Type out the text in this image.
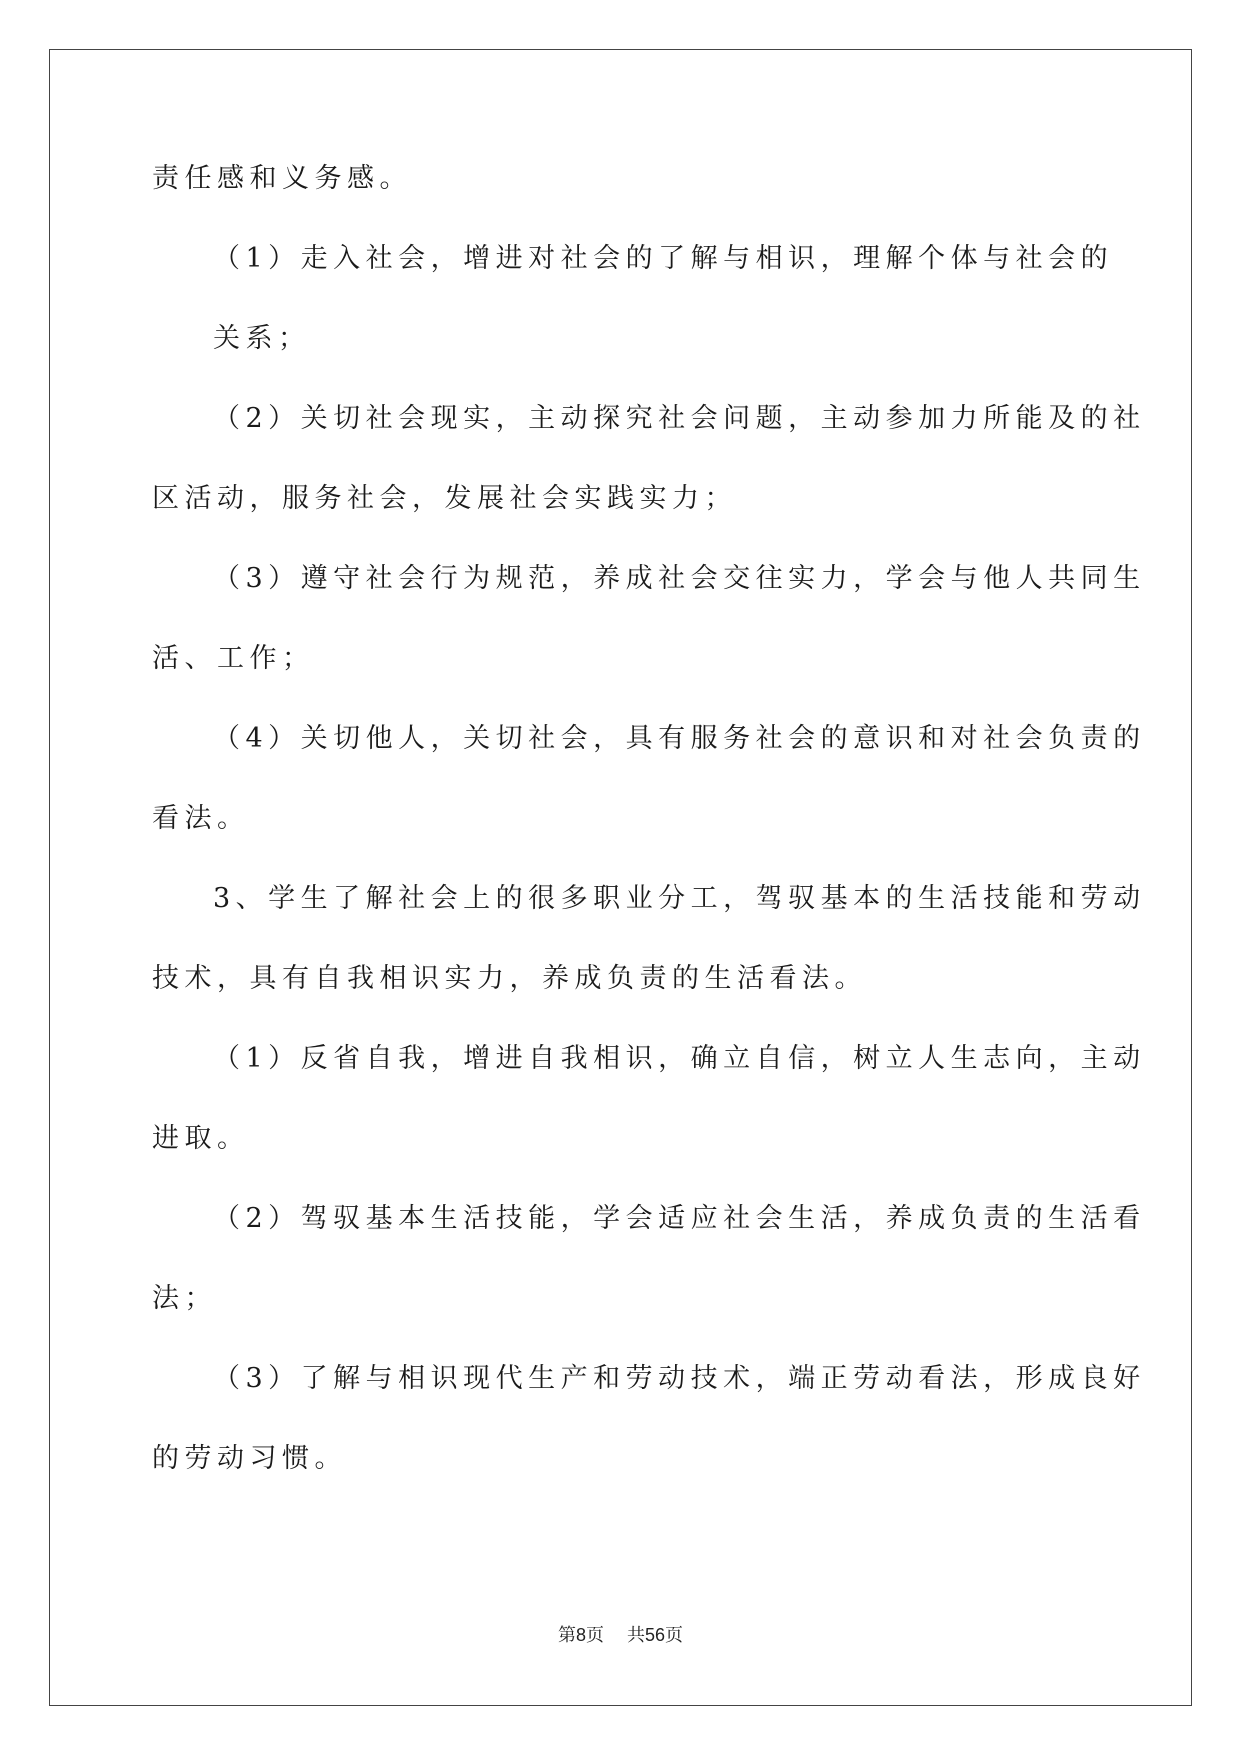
责任感和义务感。
（1）走入社会，增进对社会的了解与相识，理解个体与社会的
关系；
（2）关切社会现实，主动探究社会问题，主动参加力所能及的社
区活动，服务社会，发展社会实践实力；
（3）遵守社会行为规范，养成社会交往实力，学会与他人共同生
活、工作；
（4）关切他人，关切社会，具有服务社会的意识和对社会负责的
看法。
3、学生了解社会上的很多职业分工，驾驭基本的生活技能和劳动
技术，具有自我相识实力，养成负责的生活看法。
（1）反省自我，增进自我相识，确立自信，树立人生志向，主动
进取。
（2）驾驭基本生活技能，学会适应社会生活，养成负责的生活看
法；
（3）了解与相识现代生产和劳动技术，端正劳动看法，形成良好
的劳动习惯。
第8页 共56页
